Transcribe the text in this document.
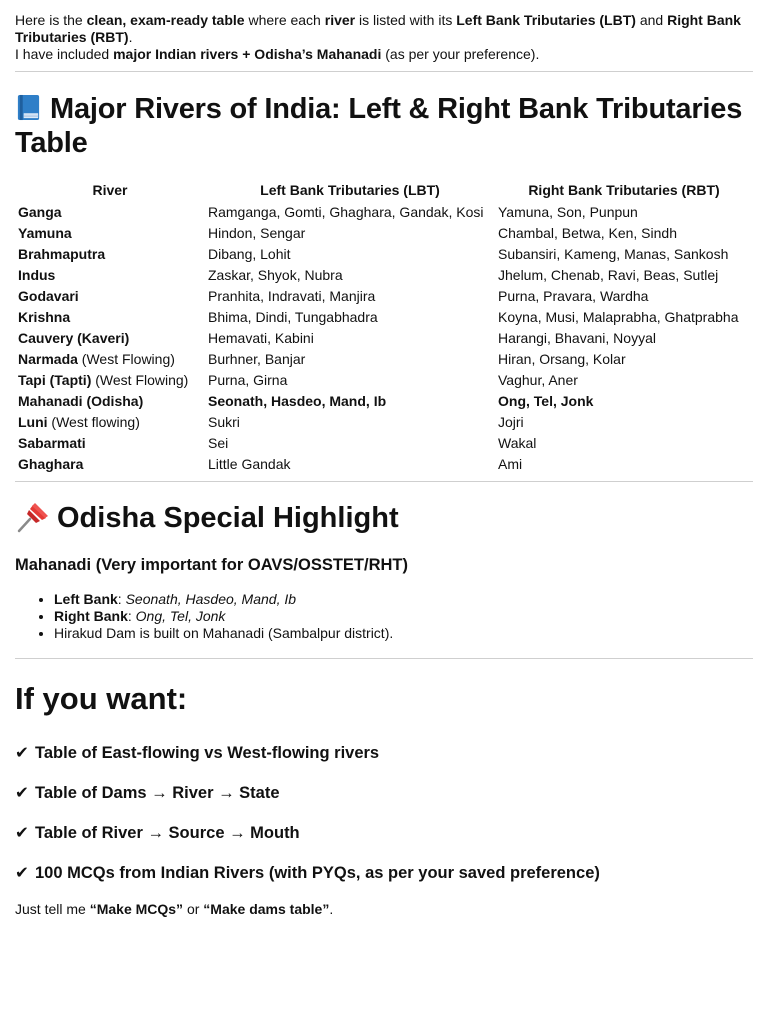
Here is the clean, exam-ready table where each river is listed with its Left Bank Tributaries (LBT) and Right Bank Tributaries (RBT).
I have included major Indian rivers + Odisha’s Mahanadi (as per your preference).

Major Rivers of India: Left & Right Bank Tributaries Table
River	Left Bank Tributaries (LBT)	Right Bank Tributaries (RBT)
Ganga	Ramganga, Gomti, Ghaghara, Gandak, Kosi	Yamuna, Son, Punpun
Yamuna	Hindon, Sengar	Chambal, Betwa, Ken, Sindh
Brahmaputra	Dibang, Lohit	Subansiri, Kameng, Manas, Sankosh
Indus	Zaskar, Shyok, Nubra	Jhelum, Chenab, Ravi, Beas, Sutlej
Godavari	Pranhita, Indravati, Manjira	Purna, Pravara, Wardha
Krishna	Bhima, Dindi, Tungabhadra	Koyna, Musi, Malaprabha, Ghatprabha
Cauvery (Kaveri)	Hemavati, Kabini	Harangi, Bhavani, Noyyal
Narmada (West Flowing)	Burhner, Banjar	Hiran, Orsang, Kolar
Tapi (Tapti) (West Flowing)	Purna, Girna	Vaghur, Aner
Mahanadi (Odisha)	Seonath, Hasdeo, Mand, Ib	Ong, Tel, Jonk
Luni (West flowing)	Sukri	Jojri
Sabarmati	Sei	Wakal
Ghaghara	Little Gandak	Ami
Odisha Special Highlight

Mahanadi (Very important for OAVS/OSSTET/RHT)

• Left Bank: Seonath, Hasdeo, Mand, Ib
• Right Bank: Ong, Tel, Jonk
• Hirakud Dam is built on Mahanadi (Sambalpur district).
If you want:

✔ Table of East-flowing vs West-flowing rivers

✔ Table of Dams → River → State

✔ Table of River → Source → Mouth

✔ 100 MCQs from Indian Rivers (with PYQs, as per your saved preference)

Just tell me “Make MCQs” or “Make dams table”.
